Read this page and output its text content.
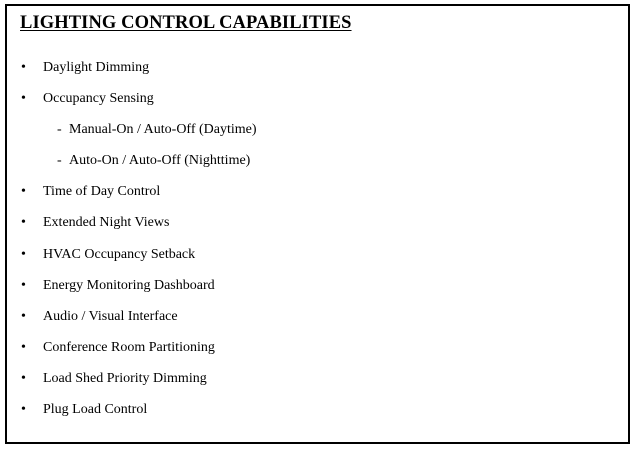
LIGHTING CONTROL CAPABILITIES
• Daylight Dimming
• Occupancy Sensing
- Manual-On / Auto-Off (Daytime)
- Auto-On / Auto-Off (Nighttime)
• Time of Day Control
• Extended Night Views
• HVAC Occupancy Setback
• Energy Monitoring Dashboard
• Audio / Visual Interface
• Conference Room Partitioning
• Load Shed Priority Dimming
• Plug Load Control
